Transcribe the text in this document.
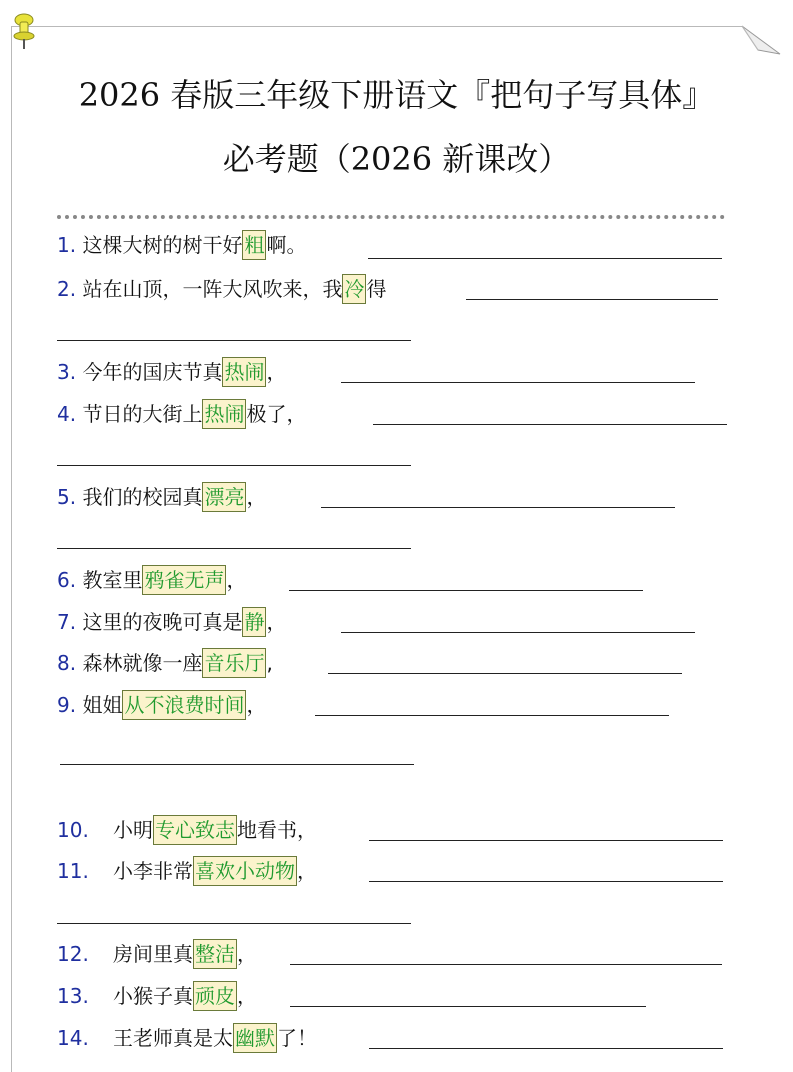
2026 春版三年级下册语文『把句子写具体』
必考题（2026 新课改）
1. 这棵大树的树干好 粗 啊。
2. 站在山顶，一阵大风吹来，我 冷 得
3. 今年的国庆节真 热闹 ，
4. 节日的大街上 热闹 极了，
5. 我们的校园真 漂亮 ，
6. 教室里 鸦雀无声 ，
7. 这里的夜晚可真是 静 ，
8. 森林就像一座 音乐厅 ,
9. 姐姐 从不浪费时间 ，
10. 小明 专心致志 地看书，
11. 小李非常 喜欢小动物 ，
12. 房间里真 整洁 ，
13. 小猴子真 顽皮 ，
14. 王老师真是太 幽默 了！
